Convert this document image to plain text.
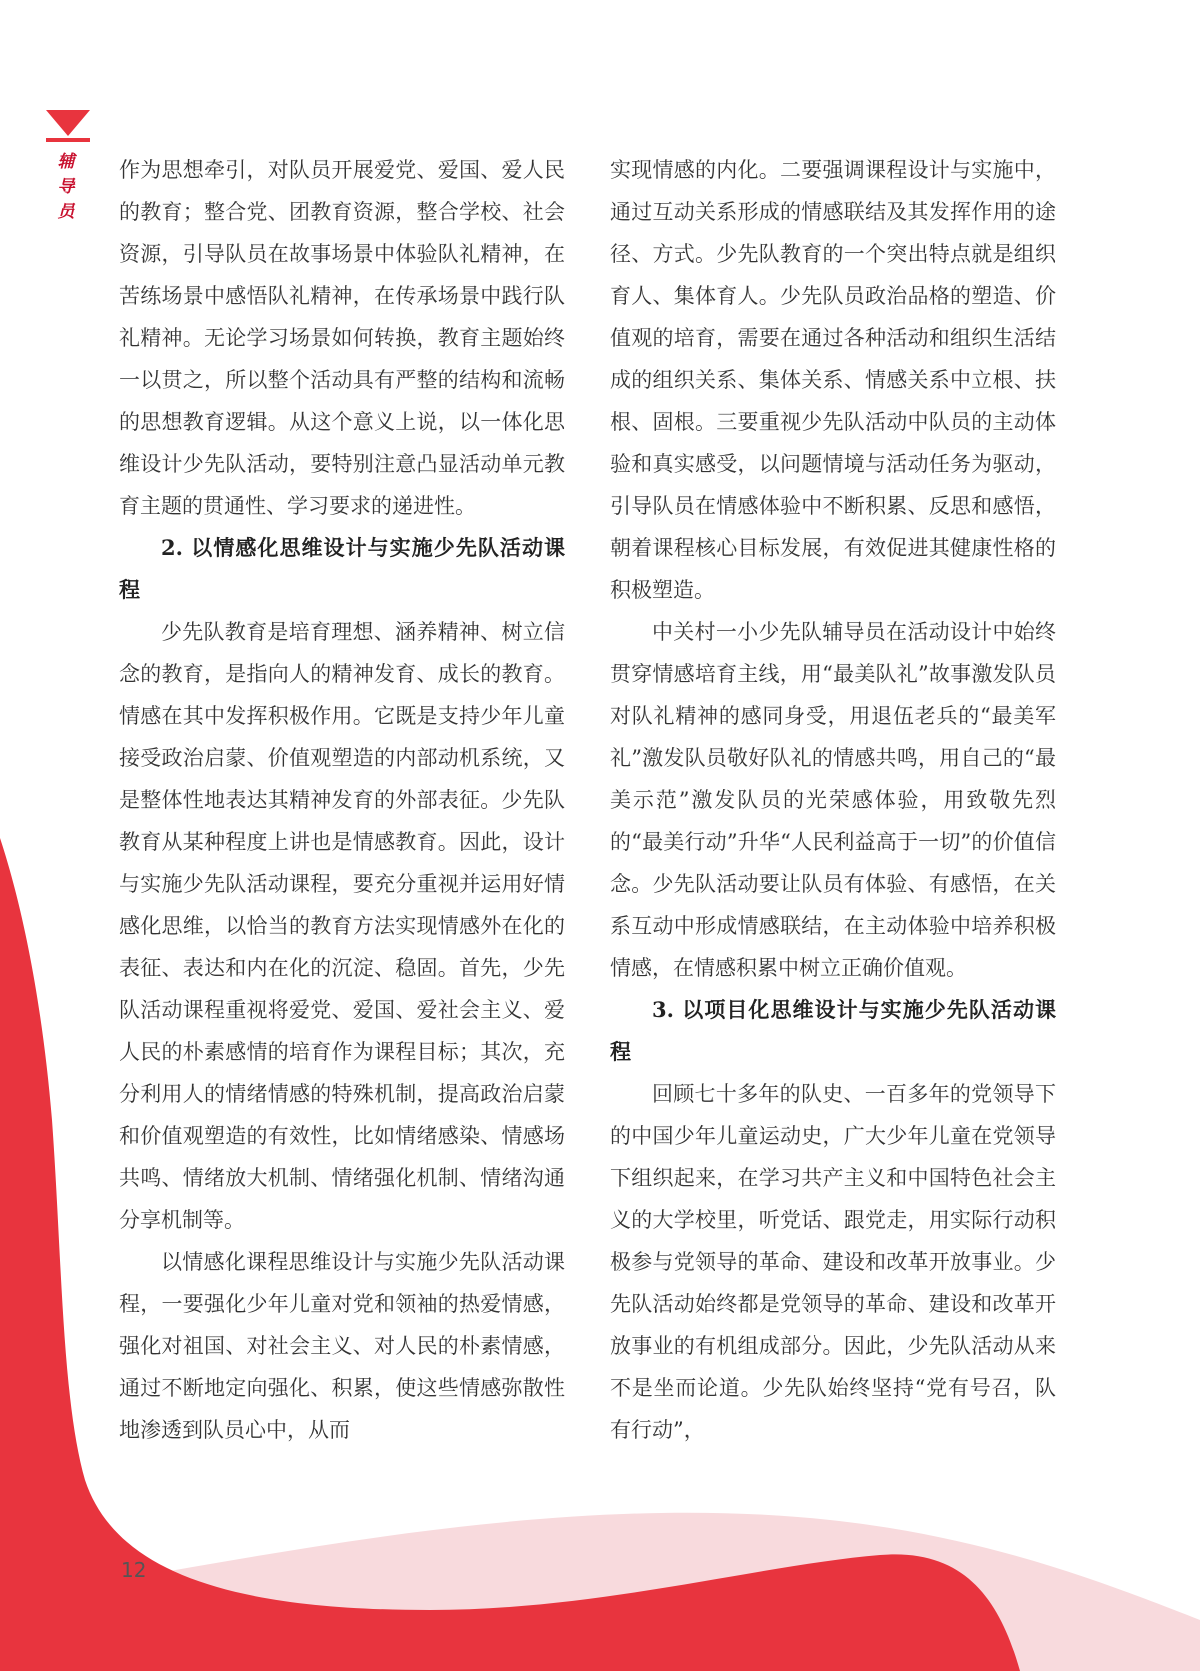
辅
导
员

作为思想牵引，对队员开展爱党、爱国、爱人民的教育；整合党、团教育资源，整合学校、社会资源，引导队员在故事场景中体验队礼精神，在苦练场景中感悟队礼精神，在传承场景中践行队礼精神。无论学习场景如何转换，教育主题始终一以贯之，所以整个活动具有严整的结构和流畅的思想教育逻辑。从这个意义上说，以一体化思维设计少先队活动，要特别注意凸显活动单元教育主题的贯通性、学习要求的递进性。

2. 以情感化思维设计与实施少先队活动课程

少先队教育是培育理想、涵养精神、树立信念的教育，是指向人的精神发育、成长的教育。情感在其中发挥积极作用。它既是支持少年儿童接受政治启蒙、价值观塑造的内部动机系统，又是整体性地表达其精神发育的外部表征。少先队教育从某种程度上讲也是情感教育。因此，设计与实施少先队活动课程，要充分重视并运用好情感化思维，以恰当的教育方法实现情感外在化的表征、表达和内在化的沉淀、稳固。首先，少先队活动课程重视将爱党、爱国、爱社会主义、爱人民的朴素感情的培育作为课程目标；其次，充分利用人的情绪情感的特殊机制，提高政治启蒙和价值观塑造的有效性，比如情绪感染、情感场共鸣、情绪放大机制、情绪强化机制、情绪沟通分享机制等。

以情感化课程思维设计与实施少先队活动课程，一要强化少年儿童对党和领袖的热爱情感，强化对祖国、对社会主义、对人民的朴素情感，通过不断地定向强化、积累，使这些情感弥散性地渗透到队员心中，从而

实现情感的内化。二要强调课程设计与实施中，通过互动关系形成的情感联结及其发挥作用的途径、方式。少先队教育的一个突出特点就是组织育人、集体育人。少先队员政治品格的塑造、价值观的培育，需要在通过各种活动和组织生活结成的组织关系、集体关系、情感关系中立根、扶根、固根。三要重视少先队活动中队员的主动体验和真实感受，以问题情境与活动任务为驱动，引导队员在情感体验中不断积累、反思和感悟，朝着课程核心目标发展，有效促进其健康性格的积极塑造。

中关村一小少先队辅导员在活动设计中始终贯穿情感培育主线，用“最美队礼”故事激发队员对队礼精神的感同身受，用退伍老兵的“最美军礼”激发队员敬好队礼的情感共鸣，用自己的“最美示范”激发队员的光荣感体验，用致敬先烈的“最美行动”升华“人民利益高于一切”的价值信念。少先队活动要让队员有体验、有感悟，在关系互动中形成情感联结，在主动体验中培养积极情感，在情感积累中树立正确价值观。

3. 以项目化思维设计与实施少先队活动课程

回顾七十多年的队史、一百多年的党领导下的中国少年儿童运动史，广大少年儿童在党领导下组织起来，在学习共产主义和中国特色社会主义的大学校里，听党话、跟党走，用实际行动积极参与党领导的革命、建设和改革开放事业。少先队活动始终都是党领导的革命、建设和改革开放事业的有机组成部分。因此，少先队活动从来不是坐而论道。少先队始终坚持“党有号召，队有行动”，

12
